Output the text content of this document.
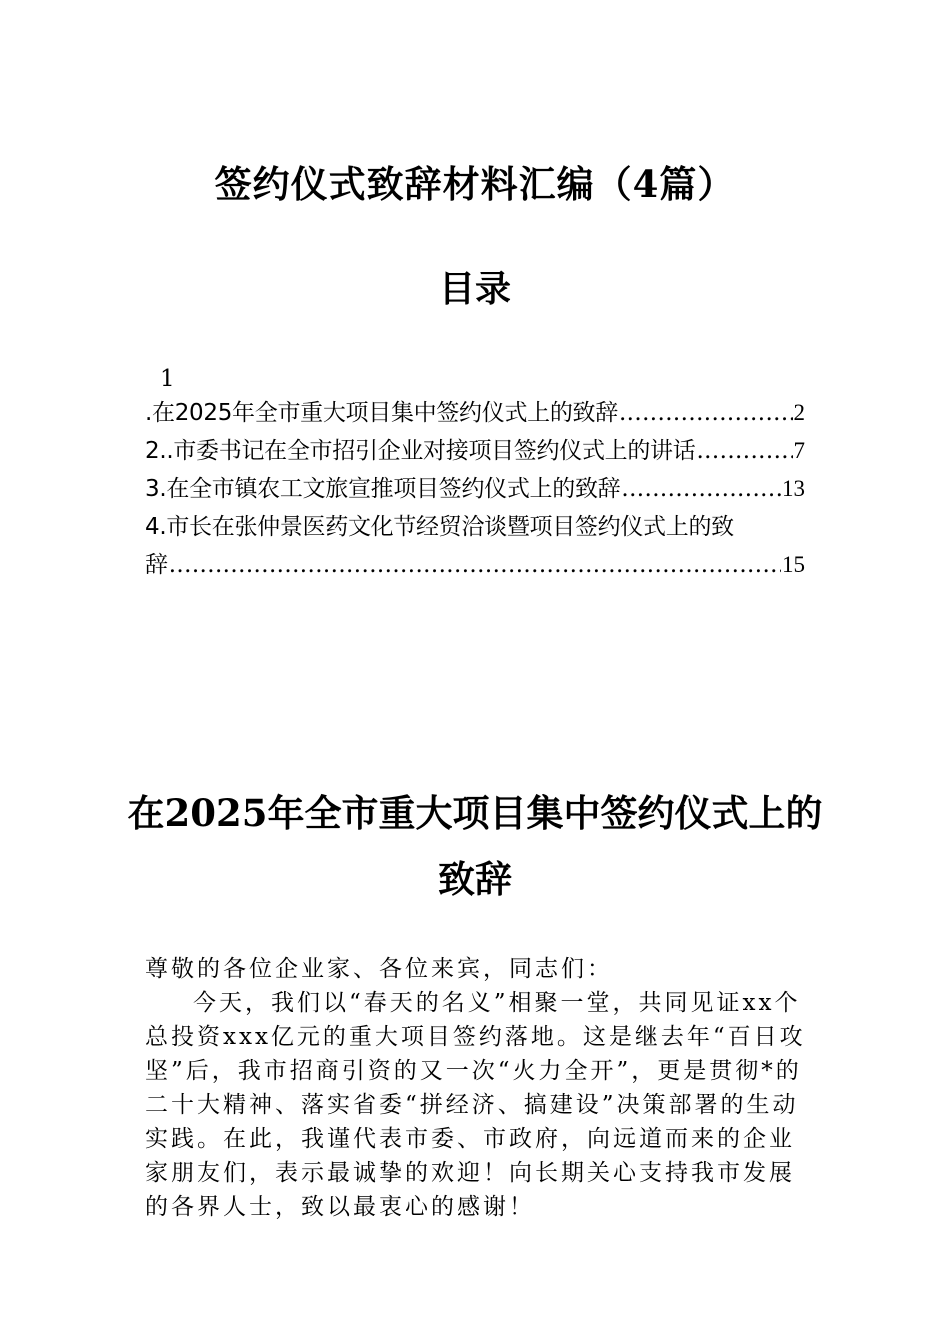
签约仪式致辞材料汇编（4篇）
目录
1
.在2025年全市重大项目集中签约仪式上的致辞 .....	2
2..市委书记在全市招引企业对接项目签约仪式上的讲话 .....	7
3.在全市镇农工文旅宣推项目签约仪式上的致辞 .....	13
4.市长在张仲景医药文化节经贸洽谈暨项目签约仪式上的致
辞 .....	15
在2025年全市重大项目集中签约仪式上的
致辞

尊敬的各位企业家、各位来宾，同志们：

今天，我们以“春天的名义”相聚一堂，共同见证xx个总投资xxx亿元的重大项目签约落地。这是继去年“百日攻坚”后，我市招商引资的又一次“火力全开”，更是贯彻*的二十大精神、落实省委“拼经济、搞建设”决策部署的生动实践。在此，我谨代表市委、市政府，向远道而来的企业家朋友们，表示最诚挚的欢迎！向长期关心支持我市发展的各界人士，致以最衷心的感谢！
